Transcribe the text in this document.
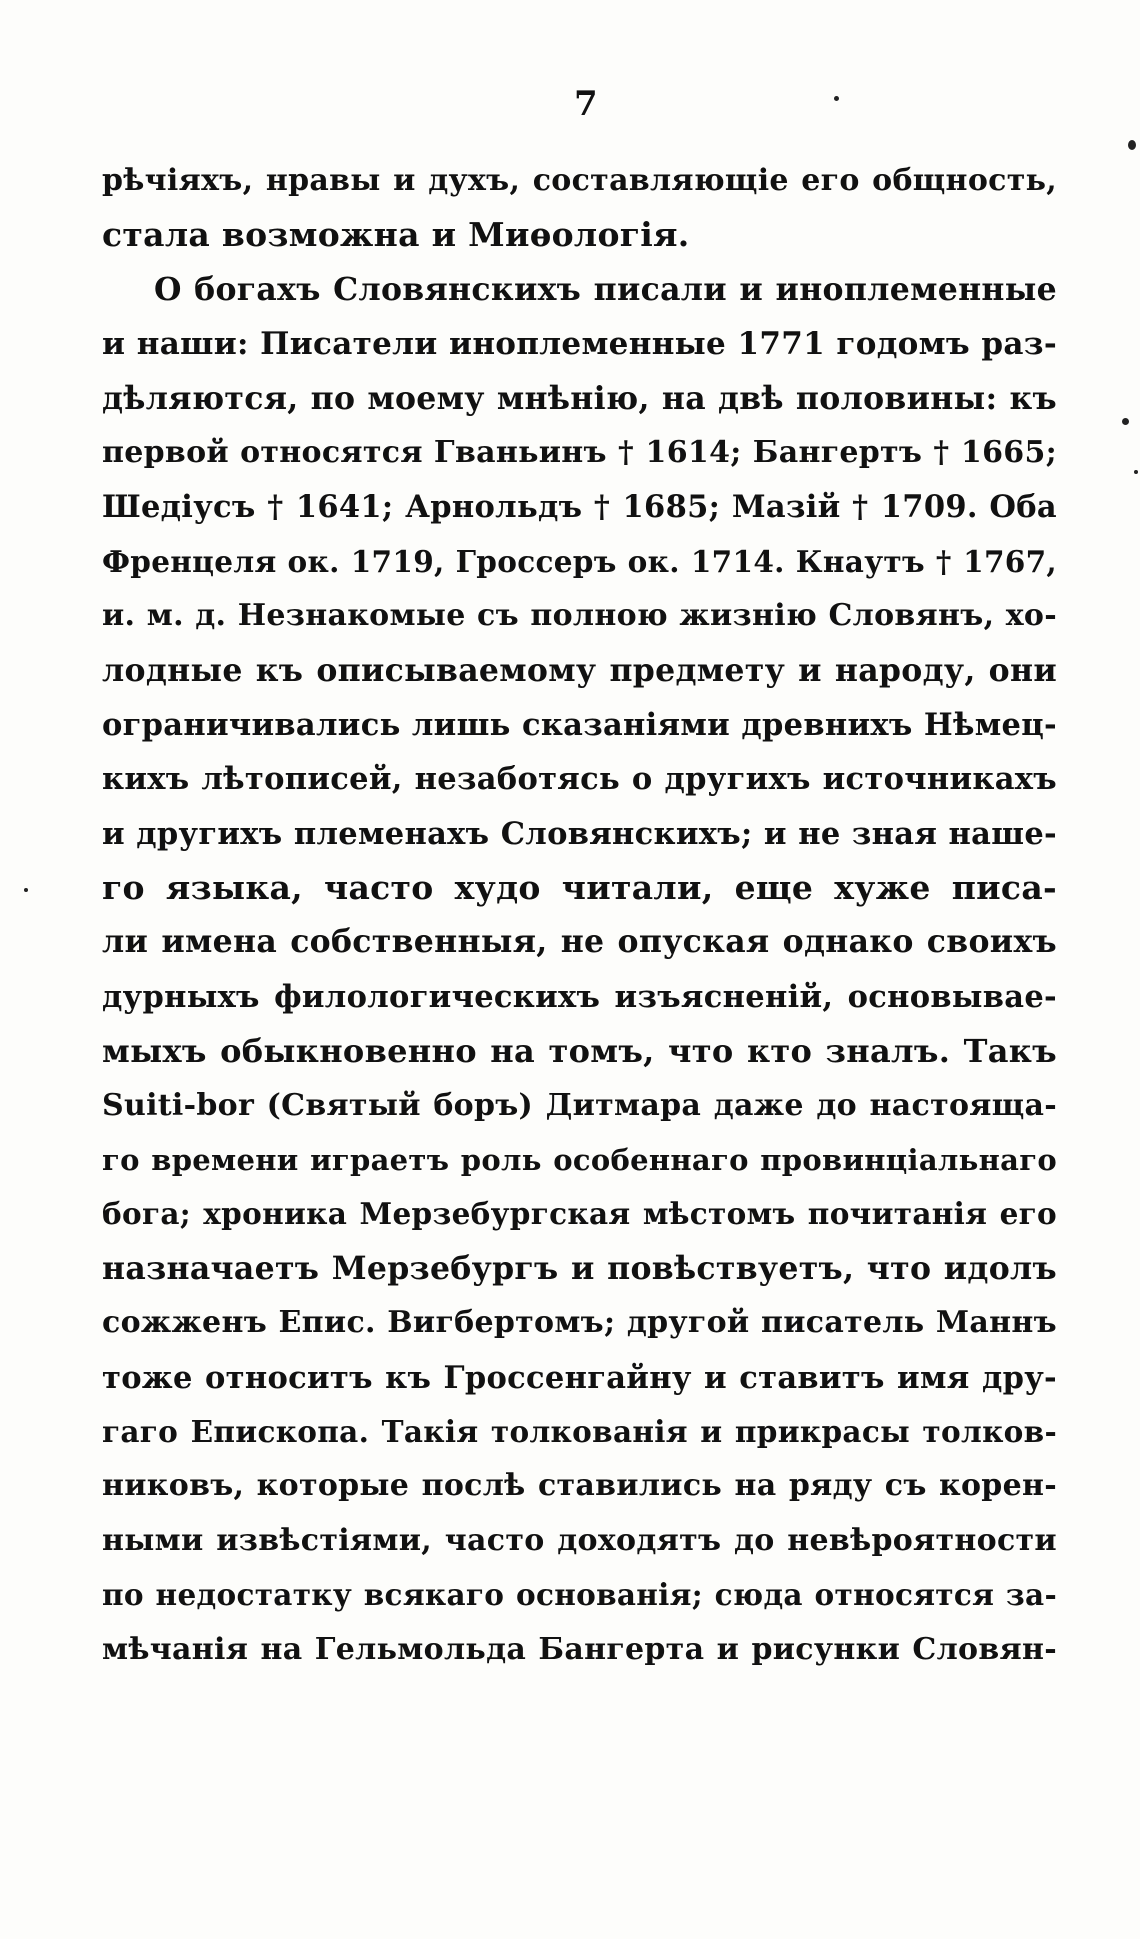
7
рѣчіяхъ, нравы и духъ, составляющіе его общность,
стала возможна и Миѳологія.
О богахъ Словянскихъ писали и иноплеменные
и наши: Писатели иноплеменные 1771 годомъ раз-
дѣляются, по моему мнѣнію, на двѣ половины: къ
первой относятся Гваньинъ † 1614; Бангертъ † 1665;
Шедіусъ † 1641; Арнольдъ † 1685; Мазій † 1709. Оба
Френцеля ок. 1719, Гроссеръ ок. 1714. Кнаутъ † 1767,
и. м. д. Незнакомые съ полною жизнію Словянъ, хо-
лодные къ описываемому предмету и народу, они
ограничивались лишь сказаніями древнихъ Нѣмец-
кихъ лѣтописей, незаботясь о другихъ источникахъ
и другихъ племенахъ Словянскихъ; и не зная наше-
го языка, часто худо читали, еще хуже писа-
ли имена собственныя, не опуская однако своихъ
дурныхъ филологическихъ изъясненій, основывае-
мыхъ обыкновенно на томъ, что кто зналъ. Такъ
Suiti-bor (Святый боръ) Дитмара даже до настояща-
го времени играетъ роль особеннаго провинціальнаго
бога; хроника Мерзебургская мѣстомъ почитанія его
назначаетъ Мерзебургъ и повѣствуетъ, что идолъ
сожженъ Епис. Вигбертомъ; другой писатель Маннъ
тоже относитъ къ Гроссенгайну и ставитъ имя дру-
гаго Епископа. Такія толкованія и прикрасы толков-
никовъ, которые послѣ ставились на ряду съ корен-
ными извѣстіями, часто доходятъ до невѣроятности
по недостатку всякаго основанія; сюда относятся за-
мѣчанія на Гельмольда Бангерта и рисунки Словян-
